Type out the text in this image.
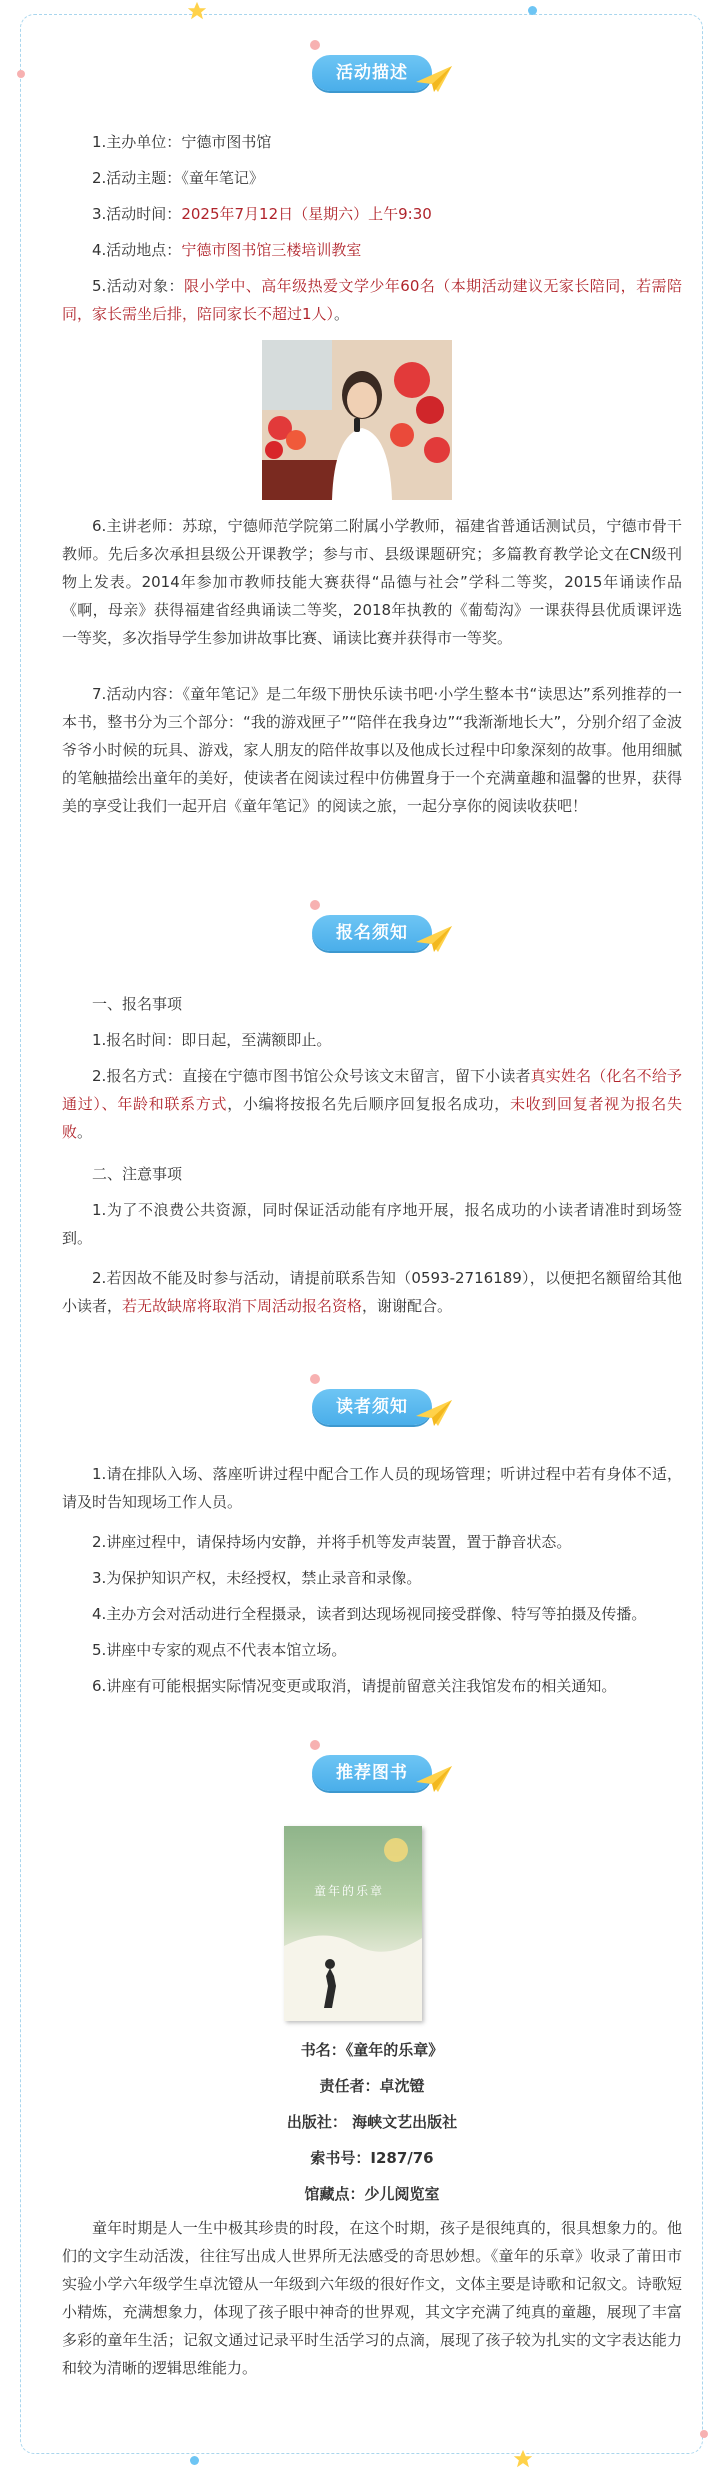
活动描述

1.主办单位：宁德市图书馆

2.活动主题：《童年笔记》

3.活动时间：2025年7月12日（星期六）上午9:30

4.活动地点：宁德市图书馆三楼培训教室

5.活动对象：限小学中、高年级热爱文学少年60名（本期活动建议无家长陪同，若需陪同，家长需坐后排，陪同家长不超过1人）。

6.主讲老师：苏琼，宁德师范学院第二附属小学教师，福建省普通话测试员，宁德市骨干教师。先后多次承担县级公开课教学；参与市、县级课题研究；多篇教育教学论文在CN级刊物上发表。2014年参加市教师技能大赛获得“品德与社会”学科二等奖，2015年诵读作品《啊，母亲》获得福建省经典诵读二等奖，2018年执教的《葡萄沟》一课获得县优质课评选一等奖，多次指导学生参加讲故事比赛、诵读比赛并获得市一等奖。

7.活动内容：《童年笔记》是二年级下册快乐读书吧·小学生整本书“读思达”系列推荐的一本书，整书分为三个部分：“我的游戏匣子”“陪伴在我身边”“我渐渐地长大”，分别介绍了金波爷爷小时候的玩具、游戏，家人朋友的陪伴故事以及他成长过程中印象深刻的故事。他用细腻的笔触描绘出童年的美好，使读者在阅读过程中仿佛置身于一个充满童趣和温馨的世界，获得美的享受让我们一起开启《童年笔记》的阅读之旅，一起分享你的阅读收获吧！

报名须知

一、报名事项

1.报名时间：即日起，至满额即止。

2.报名方式：直接在宁德市图书馆公众号该文末留言，留下小读者真实姓名（化名不给予通过）、年龄和联系方式，小编将按报名先后顺序回复报名成功，未收到回复者视为报名失败。

二、注意事项

1.为了不浪费公共资源，同时保证活动能有序地开展，报名成功的小读者请准时到场签到。

2.若因故不能及时参与活动，请提前联系告知（0593-2716189），以便把名额留给其他小读者，若无故缺席将取消下周活动报名资格，谢谢配合。

读者须知

1.请在排队入场、落座听讲过程中配合工作人员的现场管理；听讲过程中若有身体不适，请及时告知现场工作人员。

2.讲座过程中，请保持场内安静，并将手机等发声装置，置于静音状态。

3.为保护知识产权，未经授权，禁止录音和录像。

4.主办方会对活动进行全程摄录，读者到达现场视同接受群像、特写等拍摄及传播。

5.讲座中专家的观点不代表本馆立场。

6.讲座有可能根据实际情况变更或取消，请提前留意关注我馆发布的相关通知。

推荐图书
童年的乐章

书名：《童年的乐章》

责任者：卓沈镫

出版社： 海峡文艺出版社

索书号：I287/76

馆藏点：少儿阅览室

童年时期是人一生中极其珍贵的时段，在这个时期，孩子是很纯真的，很具想象力的。他们的文字生动活泼，往往写出成人世界所无法感受的奇思妙想。《童年的乐章》收录了莆田市实验小学六年级学生卓沈镫从一年级到六年级的很好作文，文体主要是诗歌和记叙文。诗歌短小精炼，充满想象力，体现了孩子眼中神奇的世界观，其文字充满了纯真的童趣，展现了丰富多彩的童年生活；记叙文通过记录平时生活学习的点滴，展现了孩子较为扎实的文字表达能力和较为清晰的逻辑思维能力。
